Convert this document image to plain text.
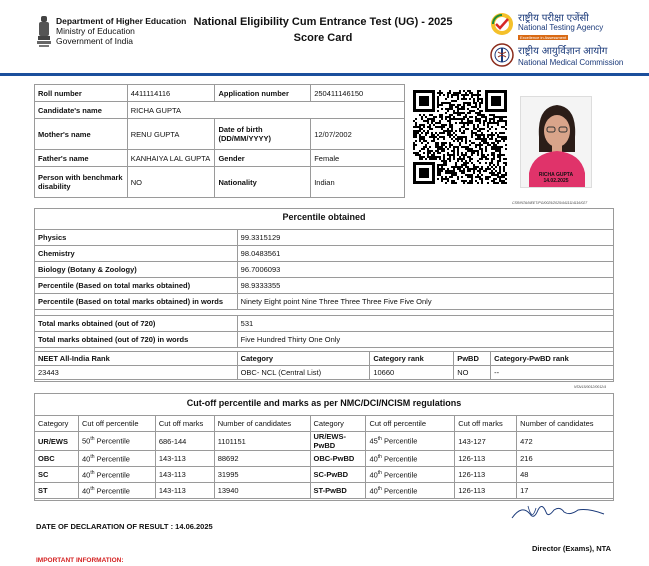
Department of Higher Education
Ministry of Education
Government of India
National Eligibility Cum Entrance Test (UG) - 2025
Score Card
राष्ट्रीय परीक्षा एजेंसी
National Testing Agency
Excellence in Assessment
राष्ट्रीय आयुर्विज्ञान आयोग
National Medical Commission
Roll number	4411114116	Application number	250411146150
Candidate's name	RICHA GUPTA		
Mother's name	RENU GUPTA	Date of birth (DD/MM/YYYY)	12/07/2002
Father's name	KANHAIYA LAL GUPTA	Gender	Female
Person with benchmark disability	NO	Nationality	Indian
RICHA GUPTA
14.02.2025
CSR/NTA/NEET/PG/0025/2025/4411114116/027
Percentile obtained
Physics	99.3315129
Chemistry	98.0483561
Biology (Botany & Zoology)	96.7006093
Percentile (Based on total marks obtained)	98.9333355
Percentile (Based on total marks obtained) in words	Ninety Eight point Nine Three Three Three Five Five Only

Total marks obtained (out of 720)	531
Total marks obtained (out of 720) in words	Five Hundred Thirty One Only
NEET All-India Rank	Category	Category rank	PwBD	Category-PwBD rank
23443	OBC- NCL (Central List)	10660	NO	--
NTA/15/0012/0012/4
Cut-off percentile and marks as per NMC/DCI/NCISM regulations
Category	Cut off percentile	Cut off marks	Number of candidates	Category	Cut off percentile	Cut off marks	Number of candidates
UR/EWS	50th Percentile	686-144	1101151	UR/EWS-PwBD	45th Percentile	143-127	472
OBC	40th Percentile	143-113	88692	OBC-PwBD	40th Percentile	126-113	216
SC	40th Percentile	143-113	31995	SC-PwBD	40th Percentile	126-113	48
ST	40th Percentile	143-113	13940	ST-PwBD	40th Percentile	126-113	17
DATE OF DECLARATION OF RESULT : 14.06.2025
Director (Exams), NTA
IMPORTANT INFORMATION:
